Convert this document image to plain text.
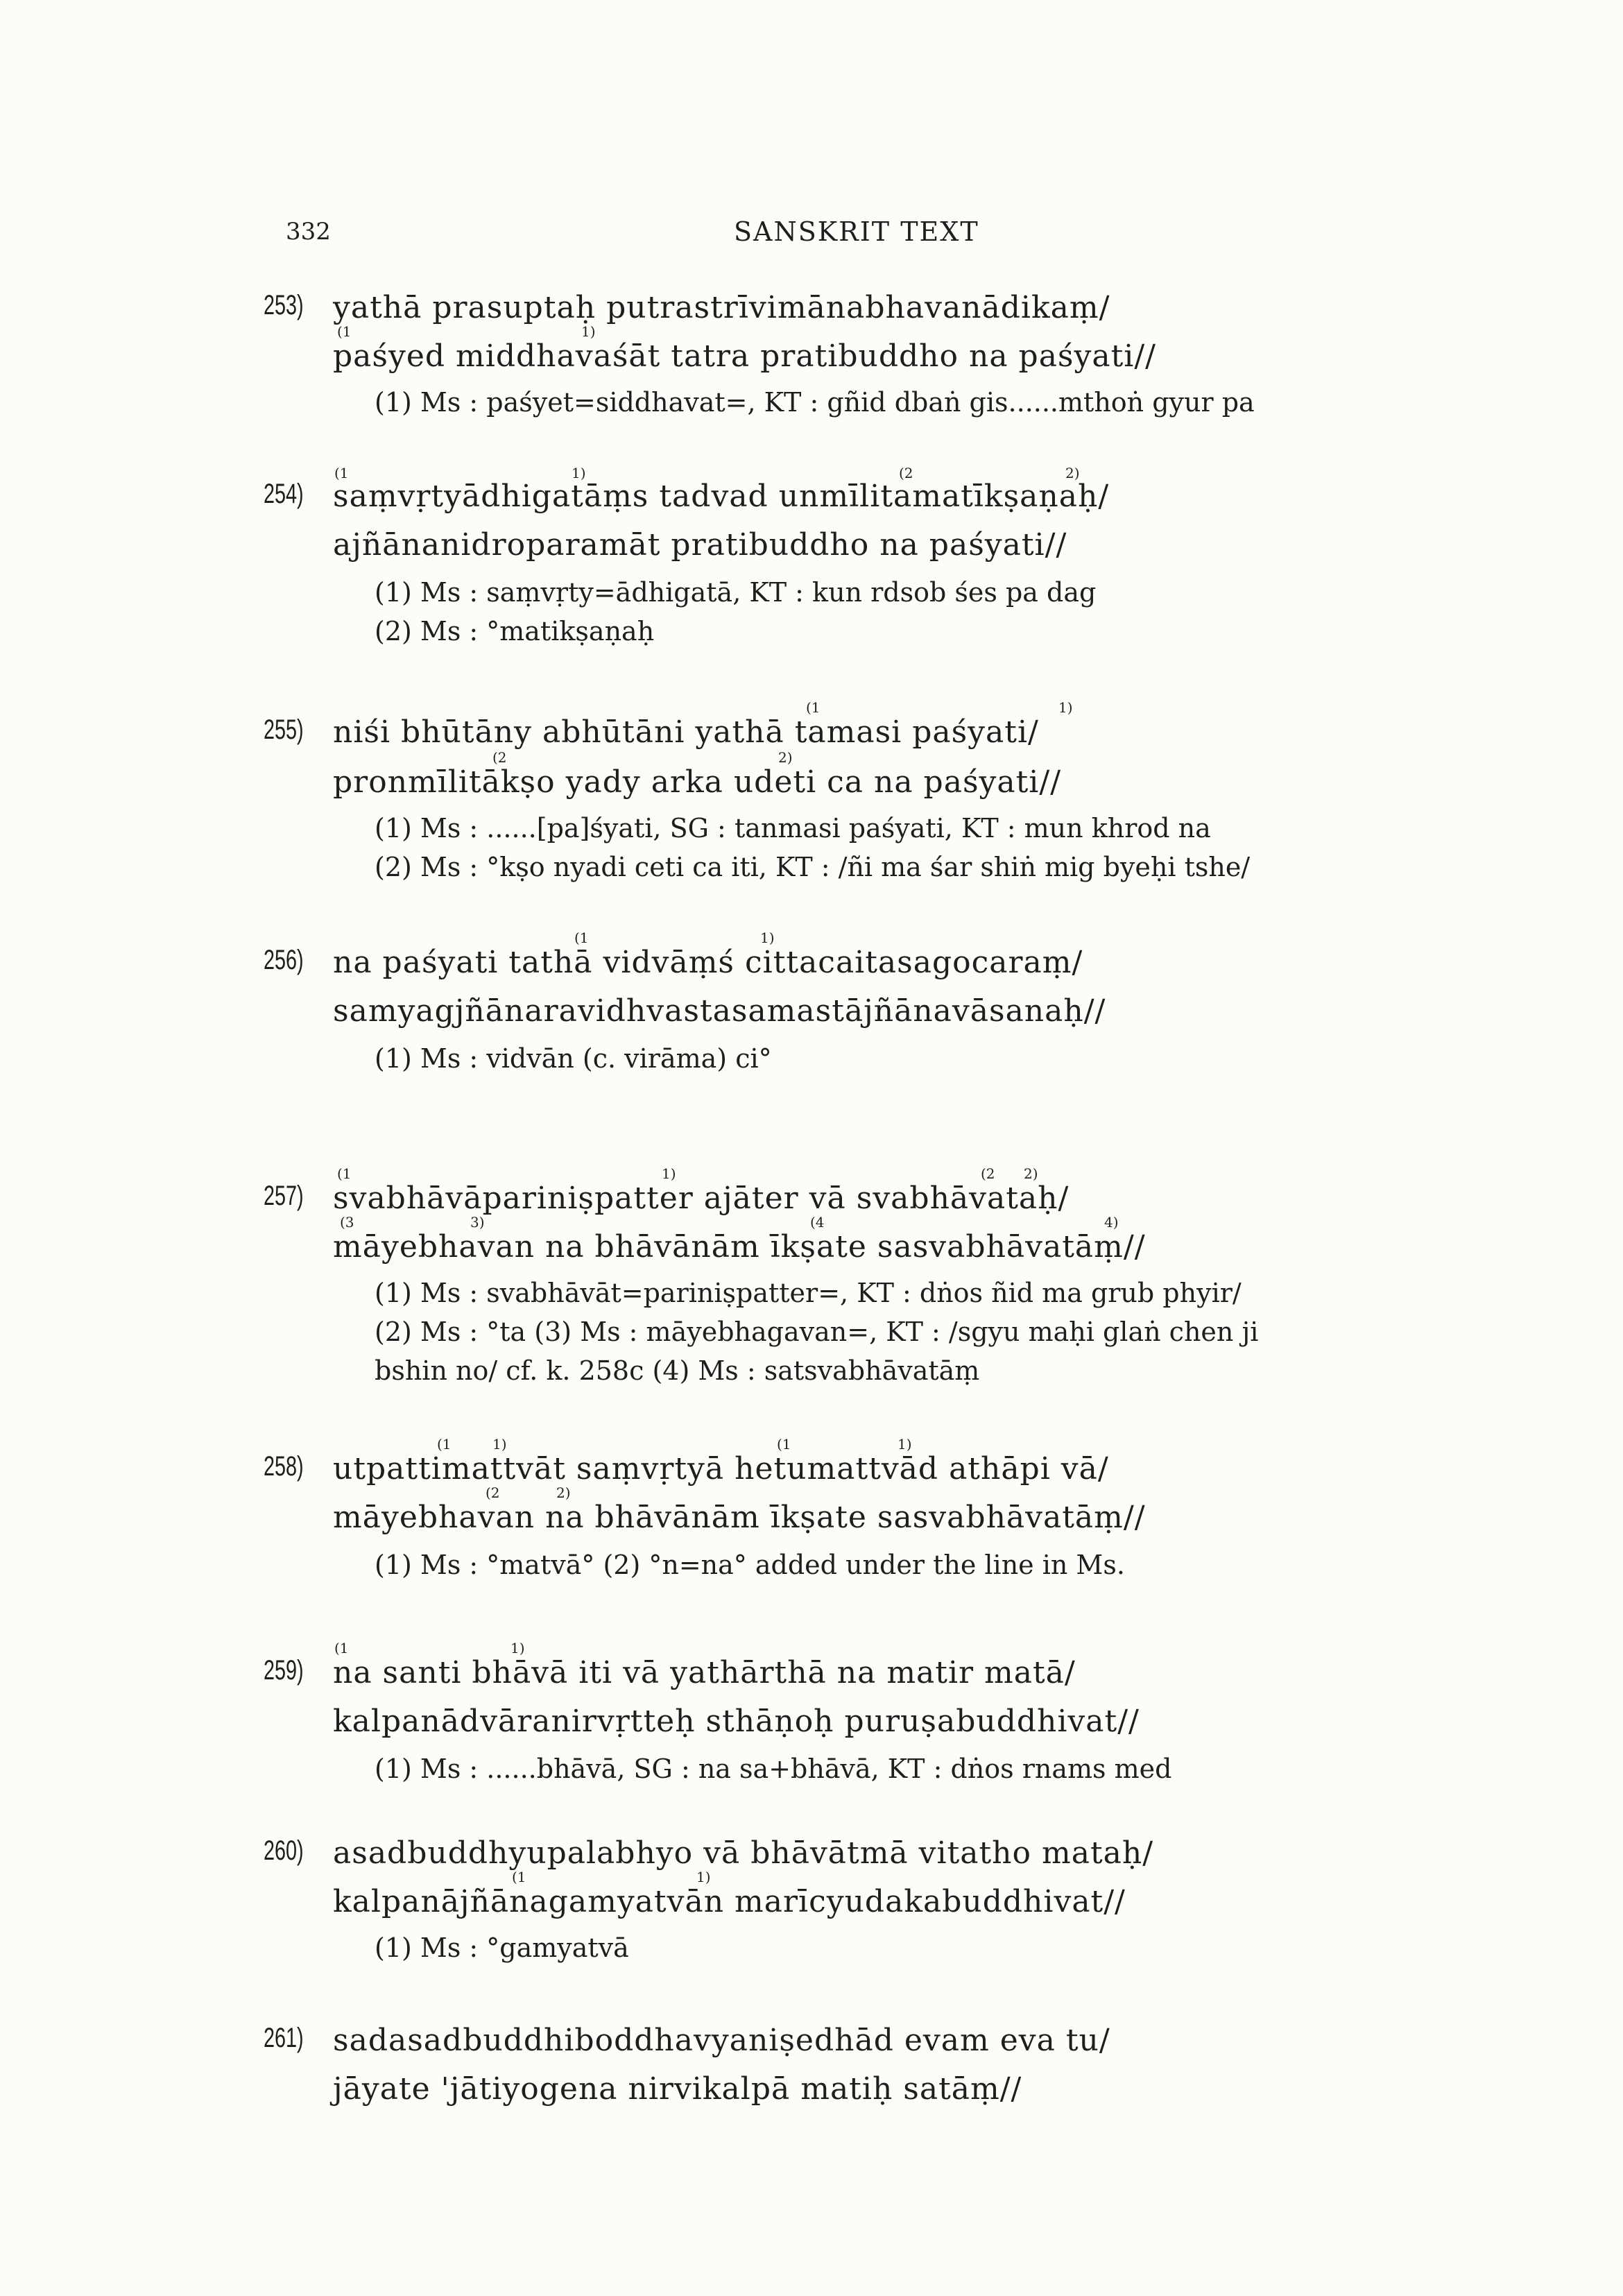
332	SANSKRIT TEXT
253) yathā prasuptaḥ putrastrīvimānabhavanādikaṃ/
(1	1)
paśyed middhavaśāt tatra pratibuddho na paśyati//
(1) Ms : paśyet=siddhavat=, KT : gñid dbaṅ gis......mthoṅ gyur pa
(1	1)	(2	2)
254) saṃvṛtyādhigatāṃs tadvad unmīlitamatīkṣaṇaḥ/
ajñānanidroparamāt pratibuddho na paśyati//
(1) Ms : saṃvṛty=ādhigatā, KT : kun rdsob śes pa dag
(2) Ms : °matikṣaṇaḥ
(1	1)
255) niśi bhūtāny abhūtāni yathā tamasi paśyati/
(2	2)
pronmīlitākṣo yady arka udeti ca na paśyati//
(1) Ms : ......[pa]śyati, SG : tanmasi paśyati, KT : mun khrod na
(2) Ms : °kṣo nyadi ceti ca iti, KT : /ñi ma śar shiṅ mig byeḥi tshe/
(1	1)
256) na paśyati tathā vidvāṃś cittacaitasagocaraṃ/
samyagjñānaravidhvastasamastājñānavāsanaḥ//
(1) Ms : vidvān (c. virāma) ci°
(1	1)	(2 2)
257) svabhāvāpariniṣpatter ajāter vā svabhāvataḥ/
(3	3)	(4	4)
māyebhavan na bhāvānām īkṣate sasvabhāvatāṃ//
(1) Ms : svabhāvāt=pariniṣpatter=, KT : dṅos ñid ma grub phyir/
(2) Ms : °ta (3) Ms : māyebhagavan=, KT : /sgyu maḥi glaṅ chen ji
bshin no/ cf. k. 258c (4) Ms : satsvabhāvatāṃ
(1	1)	(1	1)
258) utpattimattvāt saṃvṛtyā hetumattvād athāpi vā/
(2	2)
māyebhavan na bhāvānām īkṣate sasvabhāvatāṃ//
(1) Ms : °matvā° (2) °n=na° added under the line in Ms.
(1	1)
259) na santi bhāvā iti vā yathārthā na matir matā/
kalpanādvāranirvṛtteḥ sthāṇoḥ puruṣabuddhivat//
(1) Ms : ......bhāvā, SG : na sa+bhāvā, KT : dṅos rnams med
260) asadbuddhyupalabhyo vā bhāvātmā vitatho mataḥ/
(1	1)
kalpanājñānagamyatvān marīcyudakabuddhivat//
(1) Ms : °gamyatvā
261) sadasadbuddhiboddhavyaniṣedhād evam eva tu/
jāyate 'jātiyogena nirvikalpā matiḥ satāṃ//
